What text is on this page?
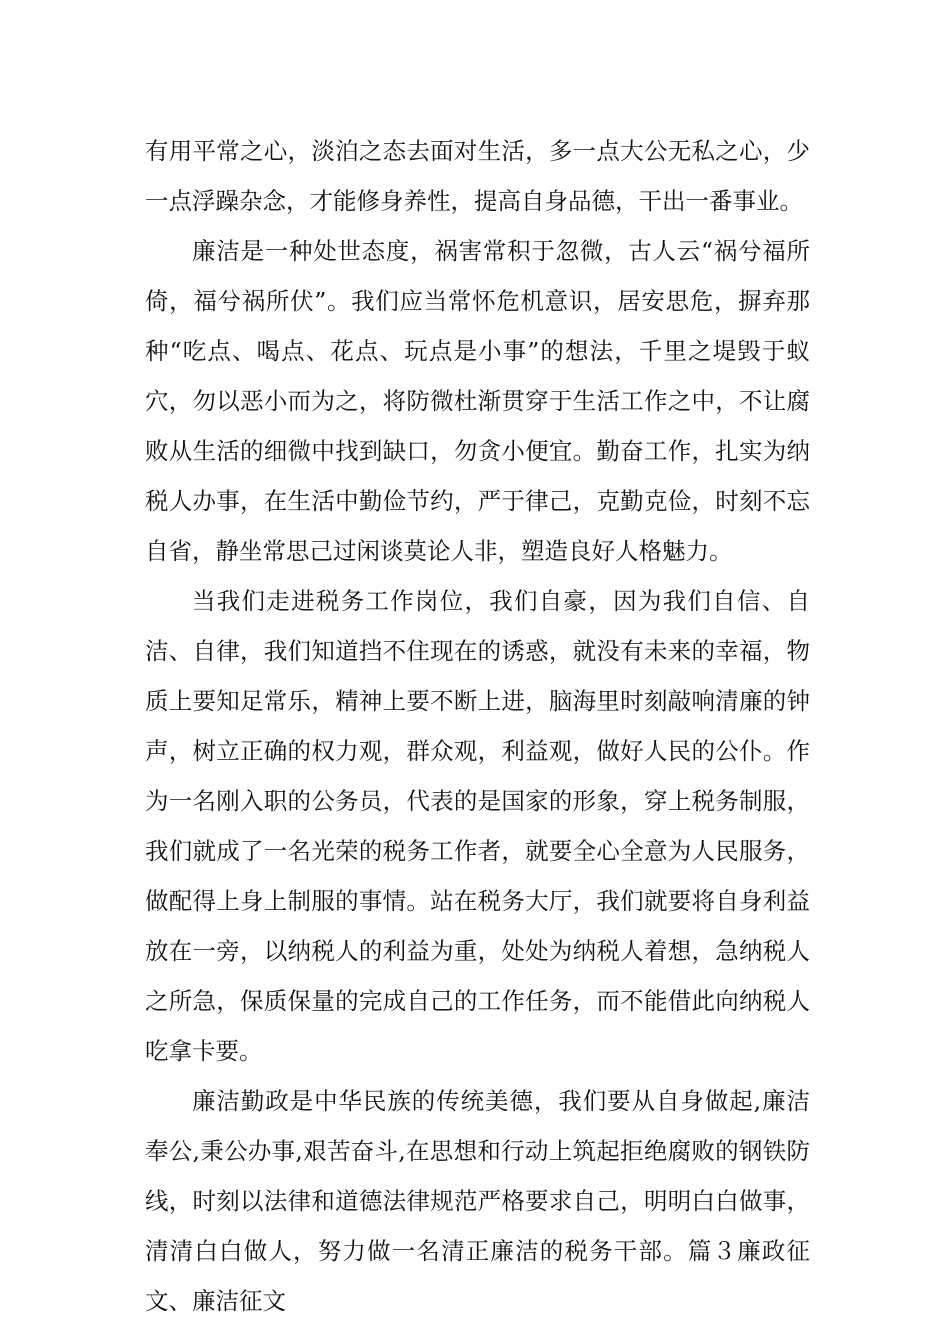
有用平常之心，淡泊之态去面对生活，多一点大公无私之心，少一点浮躁杂念，才能修身养性，提高自身品德，干出一番事业。

廉洁是一种处世态度，祸害常积于忽微，古人云“祸兮福所倚，福兮祸所伏”。我们应当常怀危机意识，居安思危，摒弃那种“吃点、喝点、花点、玩点是小事”的想法，千里之堤毁于蚁穴，勿以恶小而为之，将防微杜渐贯穿于生活工作之中，不让腐败从生活的细微中找到缺口，勿贪小便宜。勤奋工作，扎实为纳税人办事，在生活中勤俭节约，严于律己，克勤克俭，时刻不忘自省，静坐常思己过闲谈莫论人非，塑造良好人格魅力。

当我们走进税务工作岗位，我们自豪，因为我们自信、自洁、自律，我们知道挡不住现在的诱惑，就没有未来的幸福，物质上要知足常乐，精神上要不断上进，脑海里时刻敲响清廉的钟声，树立正确的权力观，群众观，利益观，做好人民的公仆。作为一名刚入职的公务员，代表的是国家的形象，穿上税务制服，我们就成了一名光荣的税务工作者，就要全心全意为人民服务，做配得上身上制服的事情。站在税务大厅，我们就要将自身利益放在一旁，以纳税人的利益为重，处处为纳税人着想，急纳税人之所急，保质保量的完成自己的工作任务，而不能借此向纳税人吃拿卡要。

廉洁勤政是中华民族的传统美德，我们要从自身做起,廉洁奉公,秉公办事,艰苦奋斗,在思想和行动上筑起拒绝腐败的钢铁防线，时刻以法律和道德法律规范严格要求自己，明明白白做事，清清白白做人，努力做一名清正廉洁的税务干部。篇３廉政征文、廉洁征文
